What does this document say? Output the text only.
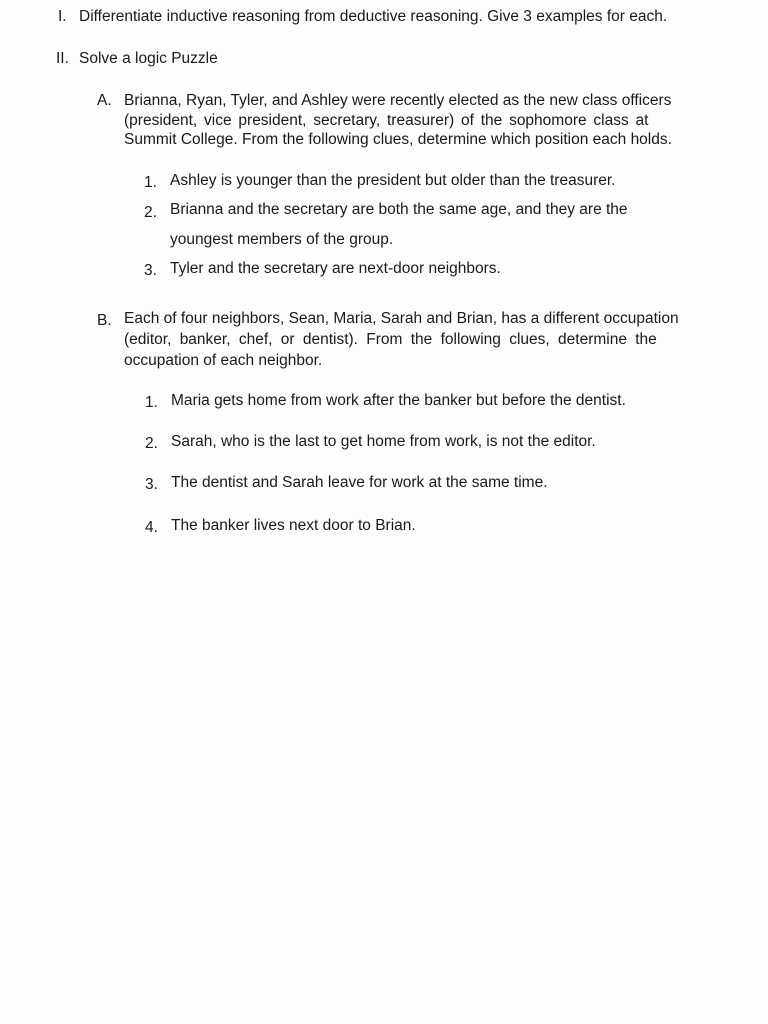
I. Differentiate inductive reasoning from deductive reasoning. Give 3 examples for each.
II. Solve a logic Puzzle
A. Brianna, Ryan, Tyler, and Ashley were recently elected as the new class officers
(president, vice president, secretary, treasurer) of the sophomore class at
Summit College. From the following clues, determine which position each holds.
1. Ashley is younger than the president but older than the treasurer.
2. Brianna and the secretary are both the same age, and they are the
youngest members of the group.
3. Tyler and the secretary are next-door neighbors.
B. Each of four neighbors, Sean, Maria, Sarah and Brian, has a different occupation
(editor, banker, chef, or dentist). From the following clues, determine the
occupation of each neighbor.
1. Maria gets home from work after the banker but before the dentist.
2. Sarah, who is the last to get home from work, is not the editor.
3. The dentist and Sarah leave for work at the same time.
4. The banker lives next door to Brian.
